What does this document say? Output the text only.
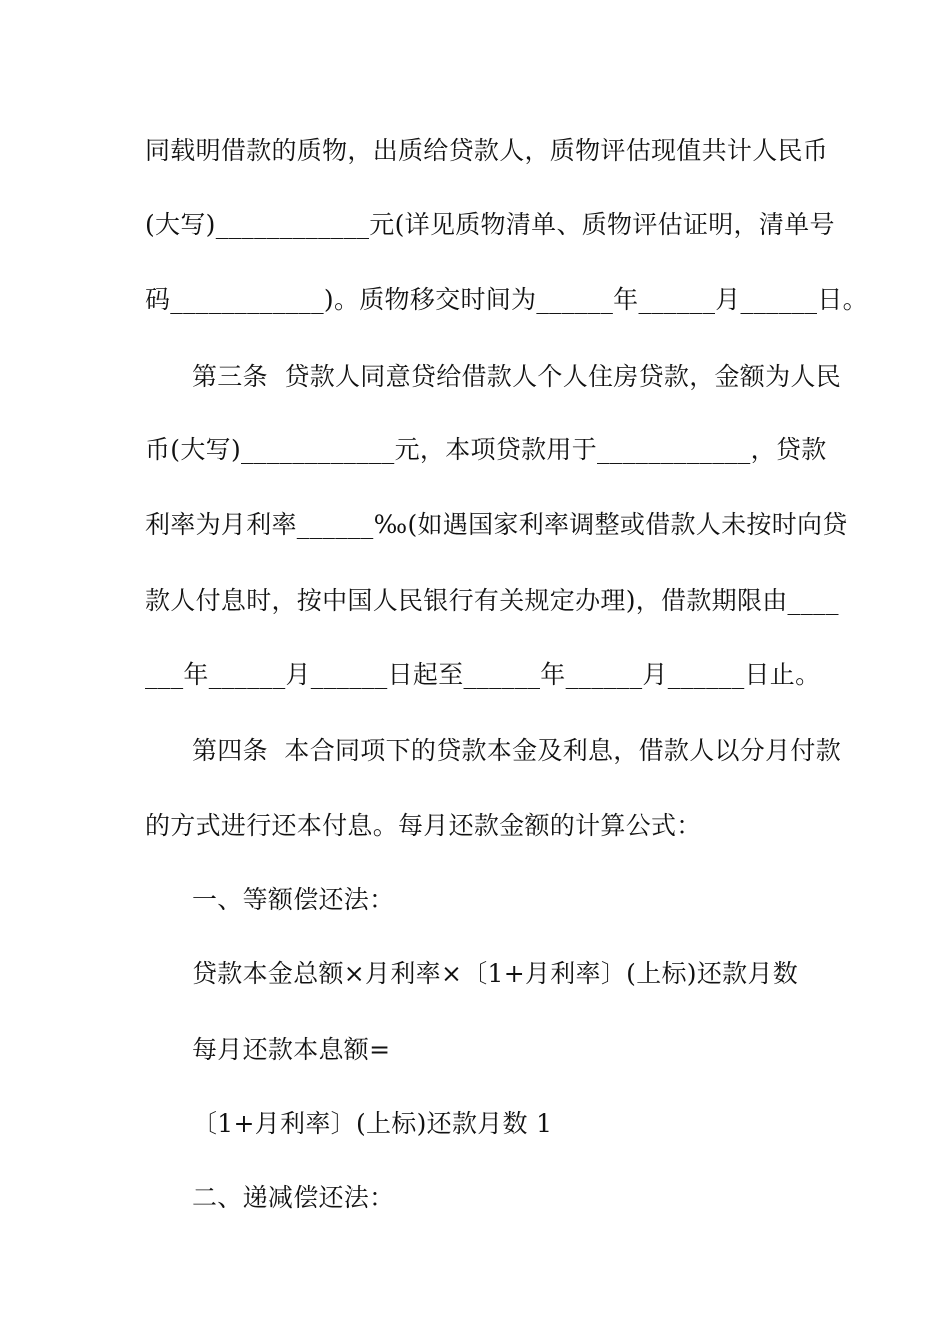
同载明借款的质物，出质给贷款人，质物评估现值共计人民币
(大写)____________元(详见质物清单、质物评估证明，清单号
码____________)。质物移交时间为______年______月______日。
第三条  贷款人同意贷给借款人个人住房贷款，金额为人民
币(大写)____________元，本项贷款用于____________，贷款
利率为月利率______‰(如遇国家利率调整或借款人未按时向贷
款人付息时，按中国人民银行有关规定办理)，借款期限由____
___年______月______日起至______年______月______日止。
第四条  本合同项下的贷款本金及利息，借款人以分月付款
的方式进行还本付息。每月还款金额的计算公式：
一、等额偿还法：
贷款本金总额×月利率×〔1+月利率〕(上标)还款月数
每月还款本息额=
〔1+月利率〕(上标)还款月数 1
二、递减偿还法：
